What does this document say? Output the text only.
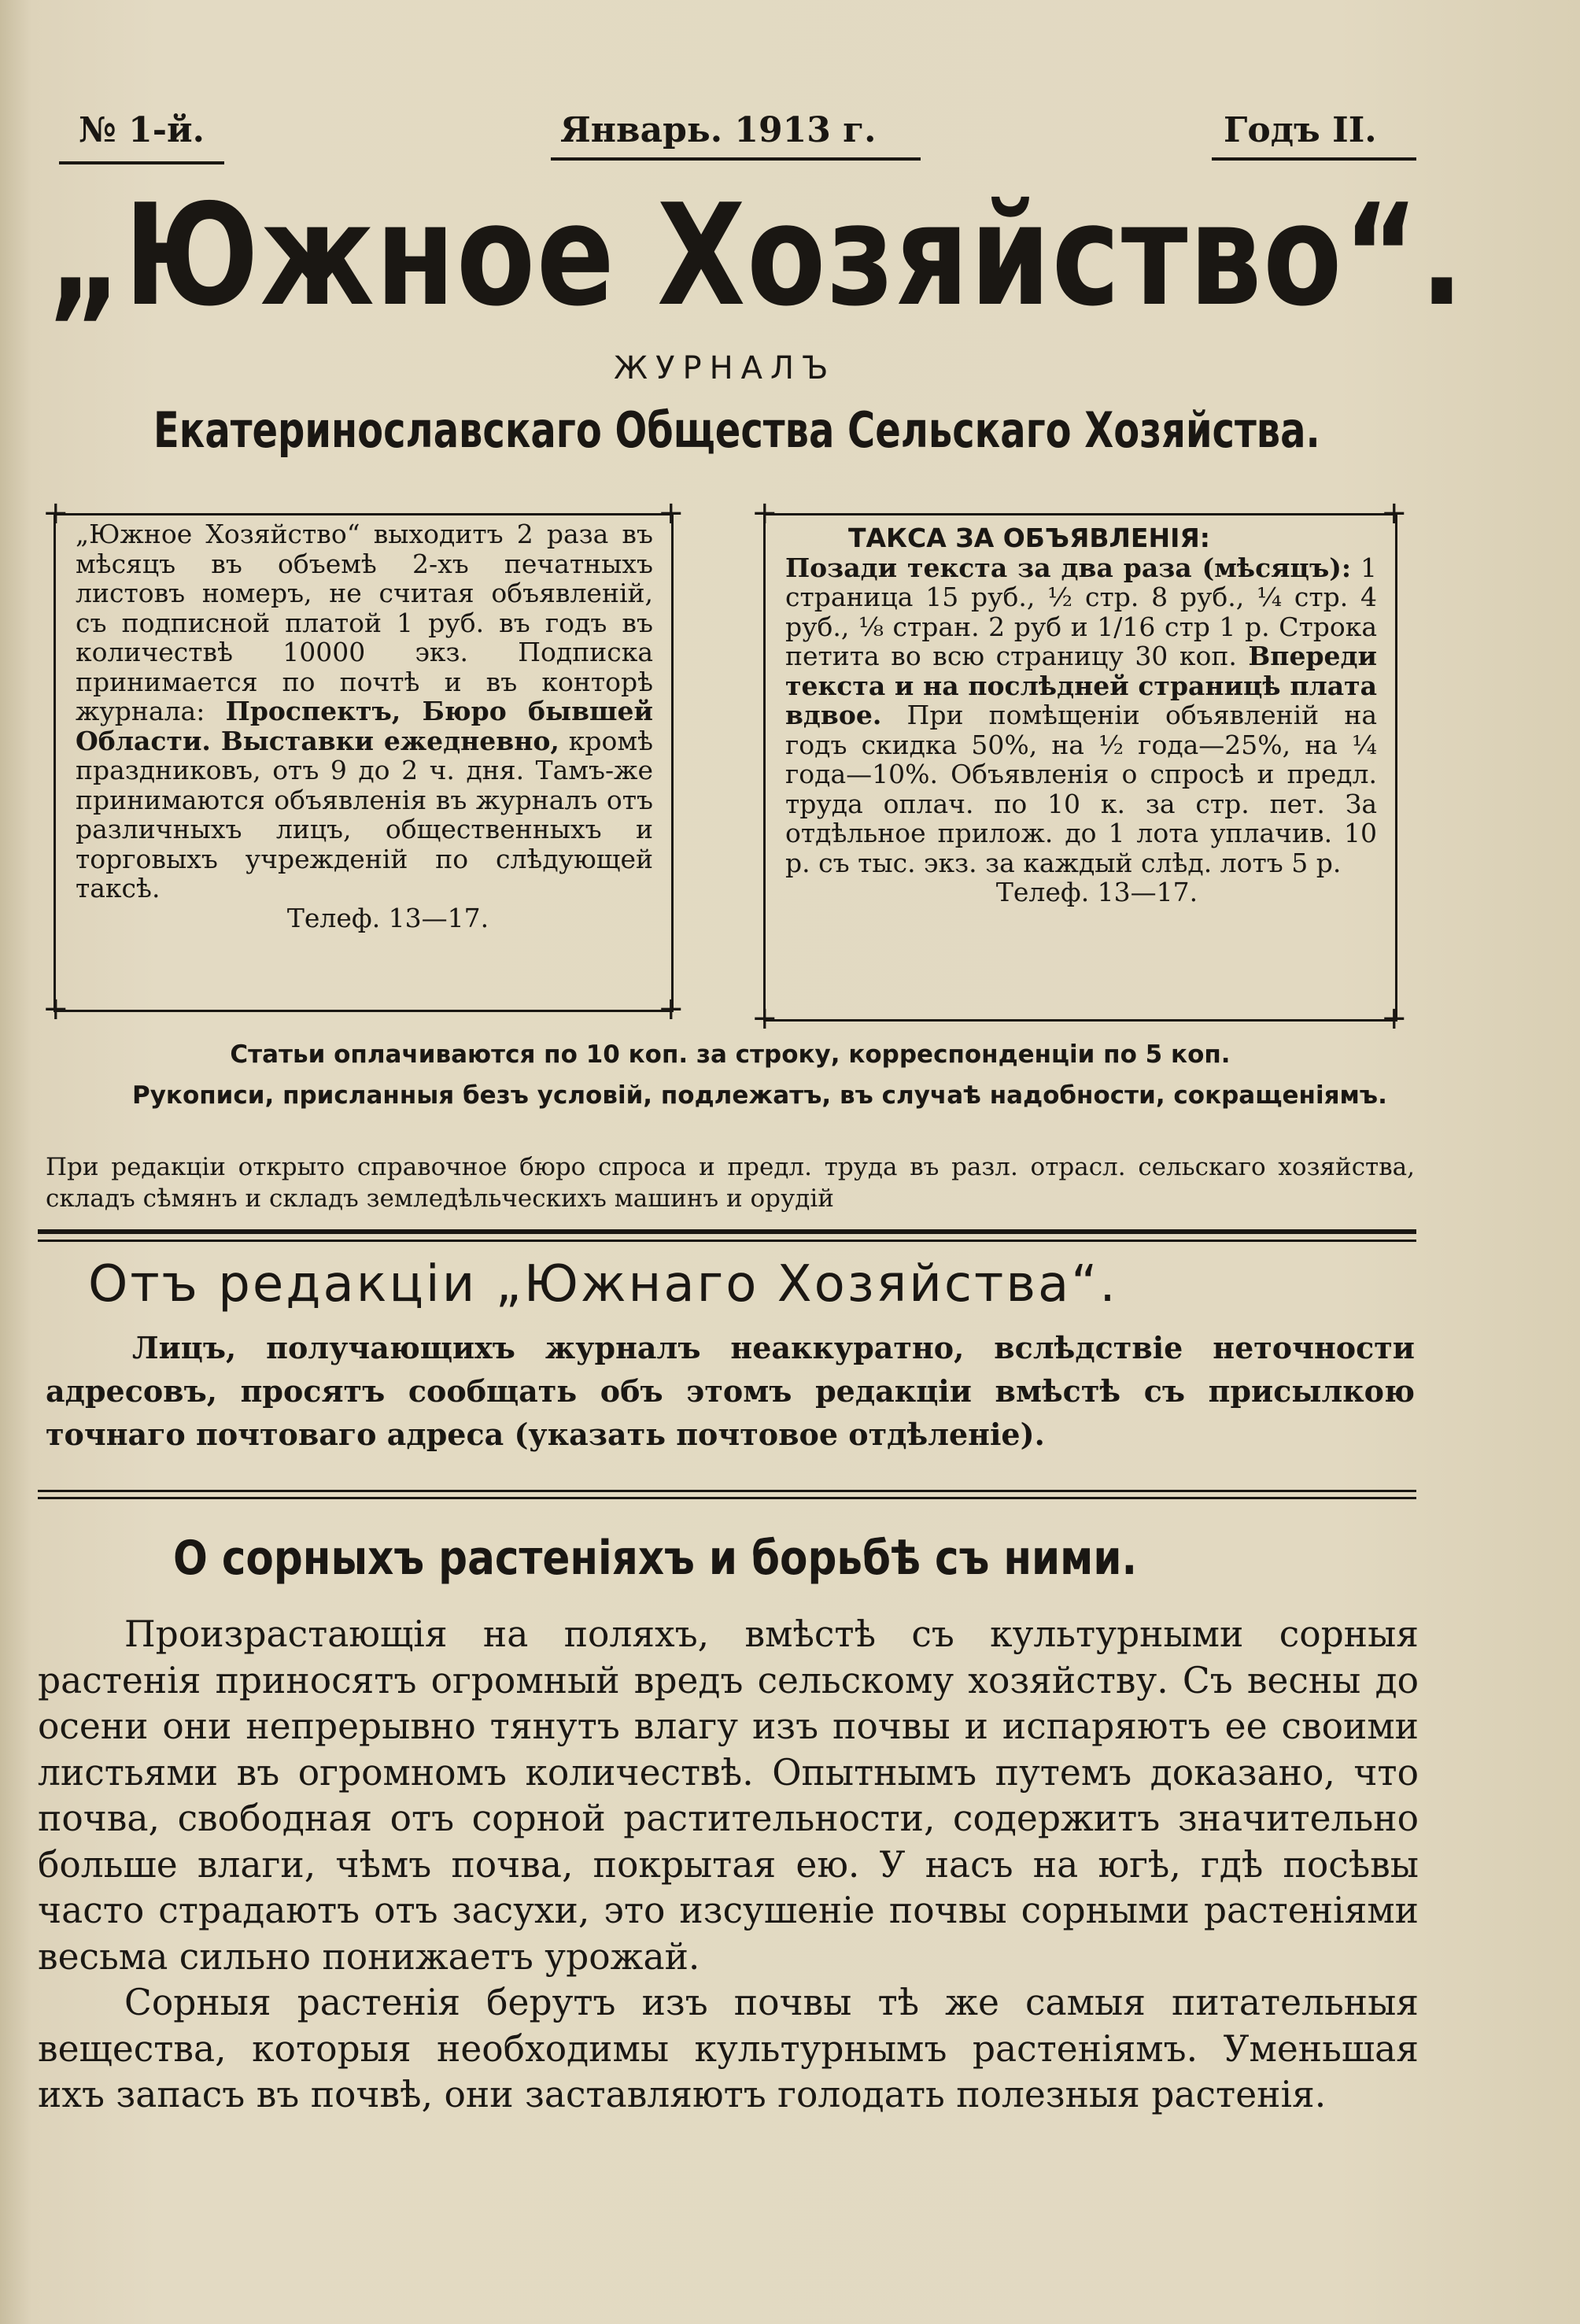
№ 1-й.	Январь. 1913 г.	Годъ II.
„Южное Хозяйство“.
ЖУРНАЛЪ
Екатеринославскаго Общества Сельскаго Хозяйства.
+	+
+	+
„Южное Хозяйство“ выходитъ 2 раза въ мѣсяцъ въ объемѣ 2-хъ печатныхъ листовъ номеръ, не считая объявленій, съ подписной платой 1 руб. въ годъ въ количествѣ 10000 экз. Подписка принимается по почтѣ и въ конторѣ журнала: Проспектъ, Бюро бывшей Области. Выставки ежедневно, кромѣ праздниковъ, отъ 9 до 2 ч. дня. Тамъ-же принимаются объявленія въ журналъ отъ различныхъ лицъ, общественныхъ и торговыхъ учрежденій по слѣдующей таксѣ.
Телеф. 13—17.
+	+
+	+
ТАКСА ЗА ОБЪЯВЛЕНІЯ:
Позади текста за два раза (мѣсяцъ): 1 страница 15 руб., ½ стр. 8 руб., ¼ стр. 4 руб., ⅛ стран. 2 руб и 1/16 стр 1 р. Строка петита во всю страницу 30 коп. Впереди текста и на послѣдней страницѣ плата вдвое. При помѣщеніи объявленій на годъ скидка 50%, на ½ года—25%, на ¼ года—10%. Объявленія о спросѣ и предл. труда оплач. по 10 к. за стр. пет. За отдѣльное прилож. до 1 лота уплачив. 10 р. съ тыс. экз. за каждый слѣд. лотъ 5 р.
Телеф. 13—17.
Статьи оплачиваются по 10 коп. за строку, корреспонденціи по 5 коп.
Рукописи, присланныя безъ условій, подлежатъ, въ случаѣ надобности, сокращеніямъ.
При редакціи открыто справочное бюро спроса и предл. труда въ разл. отрасл. сельскаго хозяйства, складъ сѣмянъ и складъ земледѣльческихъ машинъ и орудій
Отъ редакціи „Южнаго Хозяйства“.
Лицъ, получающихъ журналъ неаккуратно, вслѣдствіе неточности адресовъ, просятъ сообщать объ этомъ редакціи вмѣстѣ съ присылкою точнаго почтоваго адреса (указать почтовое отдѣленіе).
О сорныхъ растеніяхъ и борьбѣ съ ними.

Произрастающія на поляхъ, вмѣстѣ съ культурными сорныя растенія приносятъ огромный вредъ сельскому хозяйству. Съ весны до осени они непрерывно тянутъ влагу изъ почвы и испаряютъ ее своими листьями въ огромномъ количествѣ. Опытнымъ путемъ доказано, что почва, свободная отъ сорной растительности, содержитъ значительно больше влаги, чѣмъ почва, покрытая ею. У насъ на югѣ, гдѣ посѣвы часто страдаютъ отъ засухи, это изсушеніе почвы сорными растеніями весьма сильно понижаетъ урожай.

Сорныя растенія берутъ изъ почвы тѣ же самыя питательныя вещества, которыя необходимы культурнымъ растеніямъ. Уменьшая ихъ запасъ въ почвѣ, они заставляютъ голодать полезныя растенія.
